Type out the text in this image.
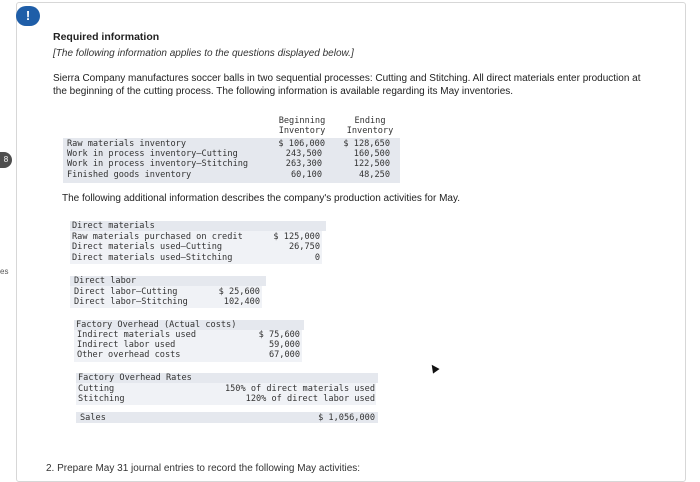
!
8
es
Required information
[The following information applies to the questions displayed below.]
Sierra Company manufactures soccer balls in two sequential processes: Cutting and Stitching. All direct materials enter production at the beginning of the cutting process. The following information is available regarding its May inventories.
Beginning
Inventory
Ending
Inventory
Raw materials inventory	$ 106,000	$ 128,650
Work in process inventory—Cutting	243,500	160,500
Work in process inventory—Stitching	263,300	122,500
Finished goods inventory	60,100	48,250
The following additional information describes the company's production activities for May.
Direct materials
Raw materials purchased on credit	$ 125,000
Direct materials used—Cutting	26,750
Direct materials used—Stitching	0
Direct labor
Direct labor—Cutting	$ 25,600
Direct labor—Stitching	102,400
Factory Overhead (Actual costs)
Indirect materials used	$ 75,600
Indirect labor used	59,000
Other overhead costs	67,000
Factory Overhead Rates
Cutting	150% of direct materials used
Stitching	120% of direct labor used
Sales	$ 1,056,000
2. Prepare May 31 journal entries to record the following May activities:
